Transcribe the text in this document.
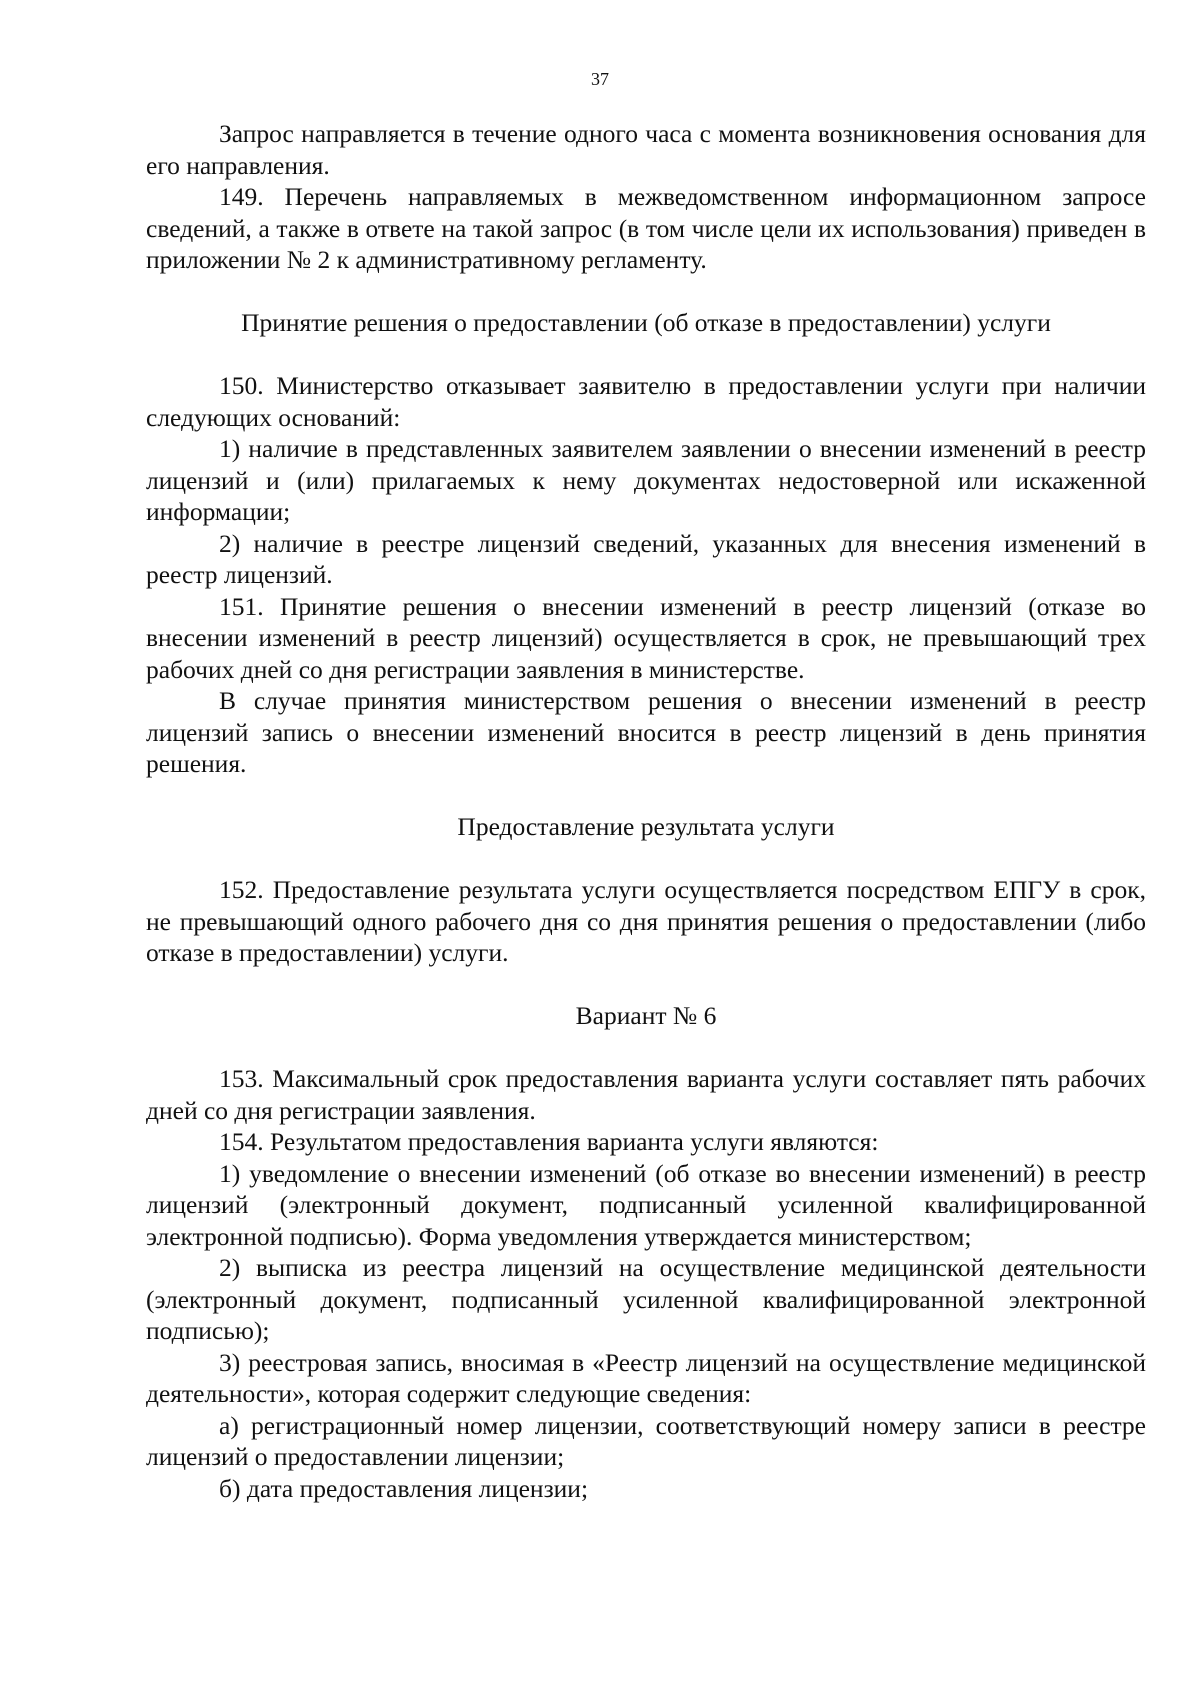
37

Запрос направляется в течение одного часа с момента возникновения основания для его направления.

149. Перечень направляемых в межведомственном информационном запросе сведений, а также в ответе на такой запрос (в том числе цели их использования) приведен в приложении № 2 к административному регламенту.

Принятие решения о предоставлении (об отказе в предоставлении) услуги

150. Министерство отказывает заявителю в предоставлении услуги при наличии следующих оснований:

1) наличие в представленных заявителем заявлении о внесении изменений в реестр лицензий и (или) прилагаемых к нему документах недостоверной или искаженной информации;

2) наличие в реестре лицензий сведений, указанных для внесения изменений в реестр лицензий.

151. Принятие решения о внесении изменений в реестр лицензий (отказе во внесении изменений в реестр лицензий) осуществляется в срок, не превышающий трех рабочих дней со дня регистрации заявления в министерстве.

В случае принятия министерством решения о внесении изменений в реестр лицензий запись о внесении изменений вносится в реестр лицензий в день принятия решения.

Предоставление результата услуги

152. Предоставление результата услуги осуществляется посредством ЕПГУ в срок, не превышающий одного рабочего дня со дня принятия решения о предоставлении (либо отказе в предоставлении) услуги.

Вариант № 6

153. Максимальный срок предоставления варианта услуги составляет пять рабочих дней со дня регистрации заявления.

154. Результатом предоставления варианта услуги являются:

1) уведомление о внесении изменений (об отказе во внесении изменений) в реестр лицензий (электронный документ, подписанный усиленной квалифицированной электронной подписью). Форма уведомления утверждается министерством;

2) выписка из реестра лицензий на осуществление медицинской деятельности (электронный документ, подписанный усиленной квалифицированной электронной подписью);

3) реестровая запись, вносимая в «Реестр лицензий на осуществление медицинской деятельности», которая содержит следующие сведения:

а) регистрационный номер лицензии, соответствующий номеру записи в реестре лицензий о предоставлении лицензии;

б) дата предоставления лицензии;
